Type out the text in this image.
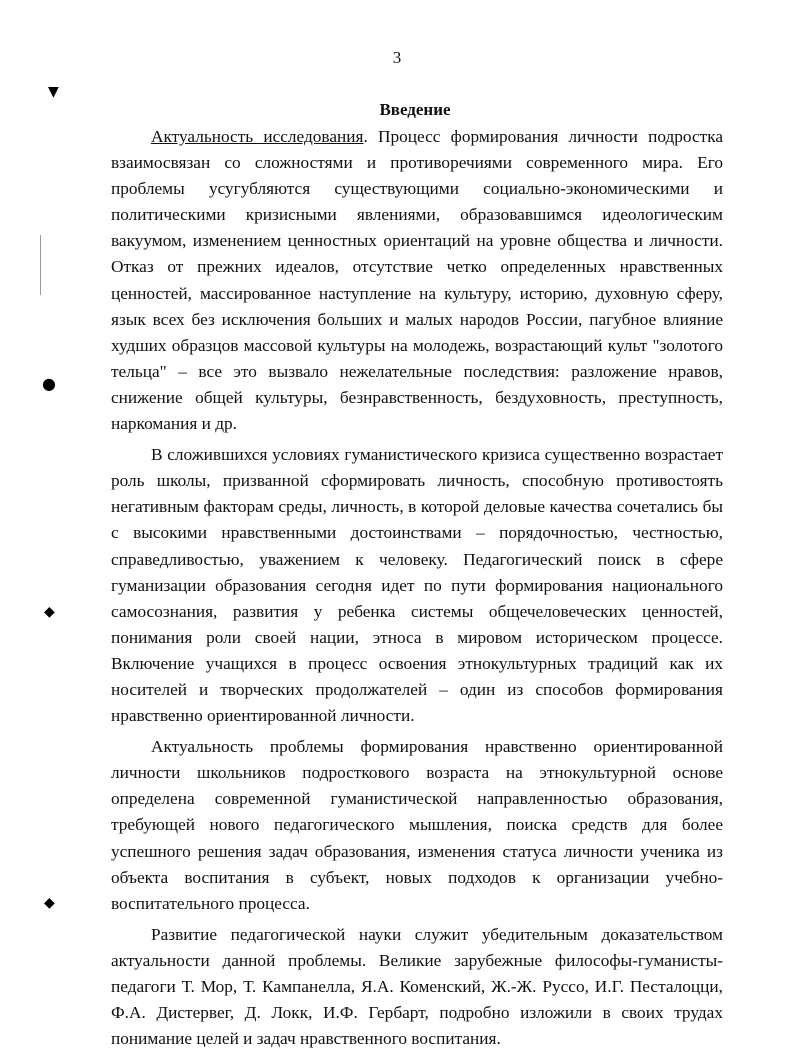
3
Введение

Актуальность исследования. Процесс формирования личности подростка взаимосвязан со сложностями и противоречиями современного мира. Его проблемы усугубляются существующими социально-экономическими и политическими кризисными явлениями, образовавшимся идеологическим вакуумом, изменением ценностных ориентаций на уровне общества и личности. Отказ от прежних идеалов, отсутствие четко определенных нравственных ценностей, массированное наступление на культуру, историю, духовную сферу, язык всех без исключения больших и малых народов России, пагубное влияние худших образцов массовой культуры на молодежь, возрастающий культ "золотого тельца" – все это вызвало нежелательные последствия: разложение нравов, снижение общей культуры, безнравственность, бездуховность, преступность, наркомания и др.

В сложившихся условиях гуманистического кризиса существенно возрастает роль школы, призванной сформировать личность, способную противостоять негативным факторам среды, личность, в которой деловые качества сочетались бы с высокими нравственными достоинствами – порядочностью, честностью, справедливостью, уважением к человеку. Педагогический поиск в сфере гуманизации образования сегодня идет по пути формирования национального самосознания, развития у ребенка системы общечеловеческих ценностей, понимания роли своей нации, этноса в мировом историческом процессе. Включение учащихся в процесс освоения этнокультурных традиций как их носителей и творческих продолжателей – один из способов формирования нравственно ориентированной личности.

Актуальность проблемы формирования нравственно ориентированной личности школьников подросткового возраста на этнокультурной основе определена современной гуманистической направленностью образования, требующей нового педагогического мышления, поиска средств для более успешного решения задач образования, изменения статуса личности ученика из объекта воспитания в субъект, новых подходов к организации учебно-воспитательного процесса.

Развитие педагогической науки служит убедительным доказательством актуальности данной проблемы. Великие зарубежные философы-гуманисты-педагоги Т. Мор, Т. Кампанелла, Я.А. Коменский, Ж.-Ж. Руссо, И.Г. Песталоцци, Ф.А. Дистервег, Д. Локк, И.Ф. Гербарт, подробно изложили в своих трудах понимание целей и задач нравственного воспитания.

▼
●
◆
◆
